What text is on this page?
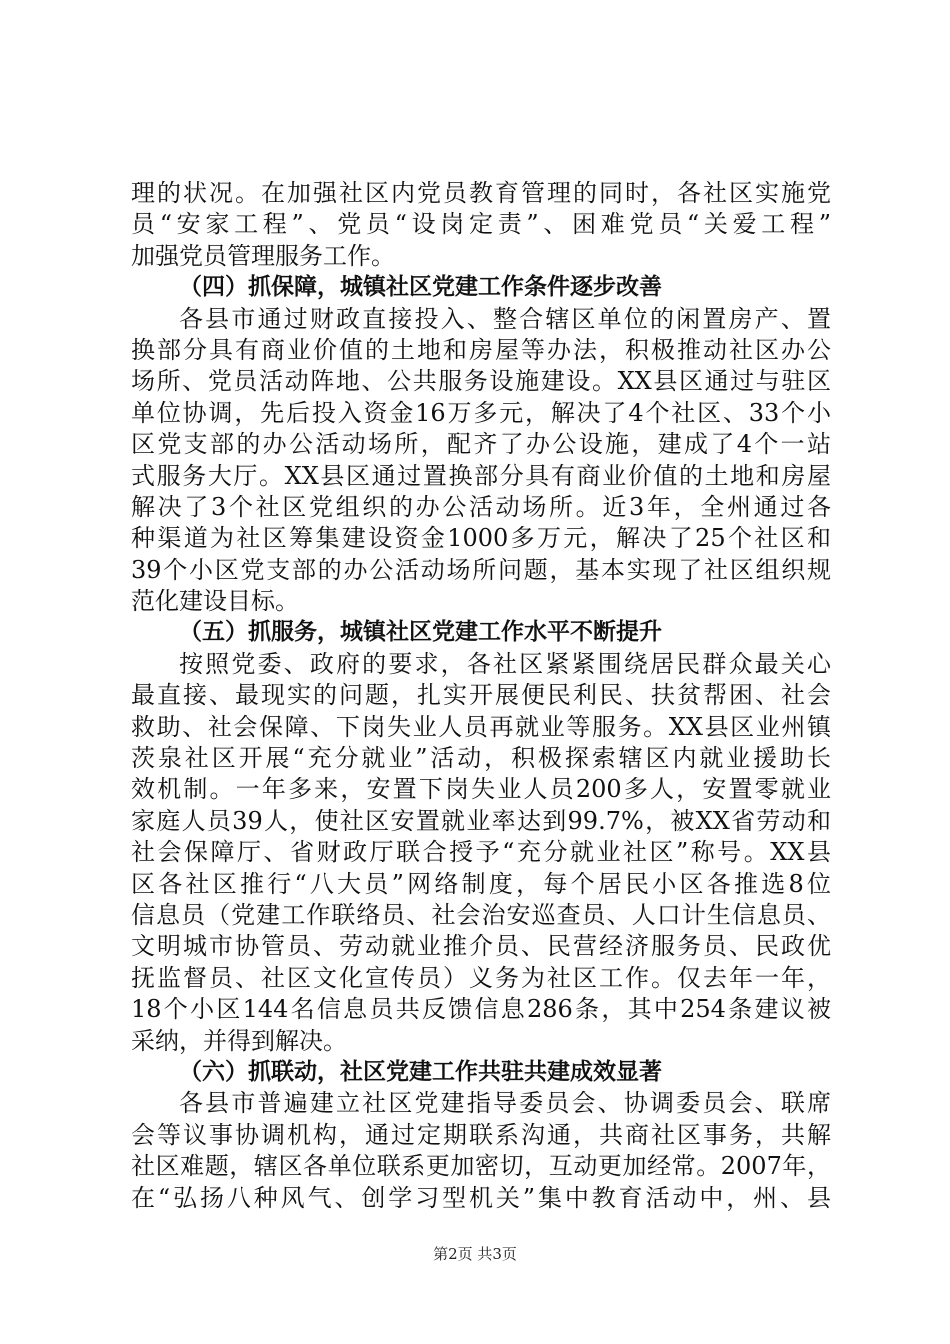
理的状况。在加强社区内党员教育管理的同时，各社区实施党
员“安家工程”、党员“设岗定责”、困难党员“关爱工程”
加强党员管理服务工作。
（四）抓保障，城镇社区党建工作条件逐步改善
各县市通过财政直接投入、整合辖区单位的闲置房产、置
换部分具有商业价值的土地和房屋等办法，积极推动社区办公
场所、党员活动阵地、公共服务设施建设。XX县区通过与驻区
单位协调，先后投入资金16万多元，解决了4个社区、33个小
区党支部的办公活动场所，配齐了办公设施，建成了4个一站
式服务大厅。XX县区通过置换部分具有商业价值的土地和房屋
解决了3个社区党组织的办公活动场所。近3年，全州通过各
种渠道为社区筹集建设资金1000多万元，解决了25个社区和
39个小区党支部的办公活动场所问题，基本实现了社区组织规
范化建设目标。
（五）抓服务，城镇社区党建工作水平不断提升
按照党委、政府的要求，各社区紧紧围绕居民群众最关心
最直接、最现实的问题，扎实开展便民利民、扶贫帮困、社会
救助、社会保障、下岗失业人员再就业等服务。XX县区业州镇
茨泉社区开展“充分就业”活动，积极探索辖区内就业援助长
效机制。一年多来，安置下岗失业人员200多人，安置零就业
家庭人员39人，使社区安置就业率达到99.7%，被XX省劳动和
社会保障厅、省财政厅联合授予“充分就业社区”称号。XX县
区各社区推行“八大员”网络制度，每个居民小区各推选8位
信息员（党建工作联络员、社会治安巡查员、人口计生信息员、
文明城市协管员、劳动就业推介员、民营经济服务员、民政优
抚监督员、社区文化宣传员）义务为社区工作。仅去年一年，
18个小区144名信息员共反馈信息286条，其中254条建议被
采纳，并得到解决。
（六）抓联动，社区党建工作共驻共建成效显著
各县市普遍建立社区党建指导委员会、协调委员会、联席
会等议事协调机构，通过定期联系沟通，共商社区事务，共解
社区难题，辖区各单位联系更加密切，互动更加经常。2007年，
在“弘扬八种风气、创学习型机关”集中教育活动中，州、县
第2页 共3页
